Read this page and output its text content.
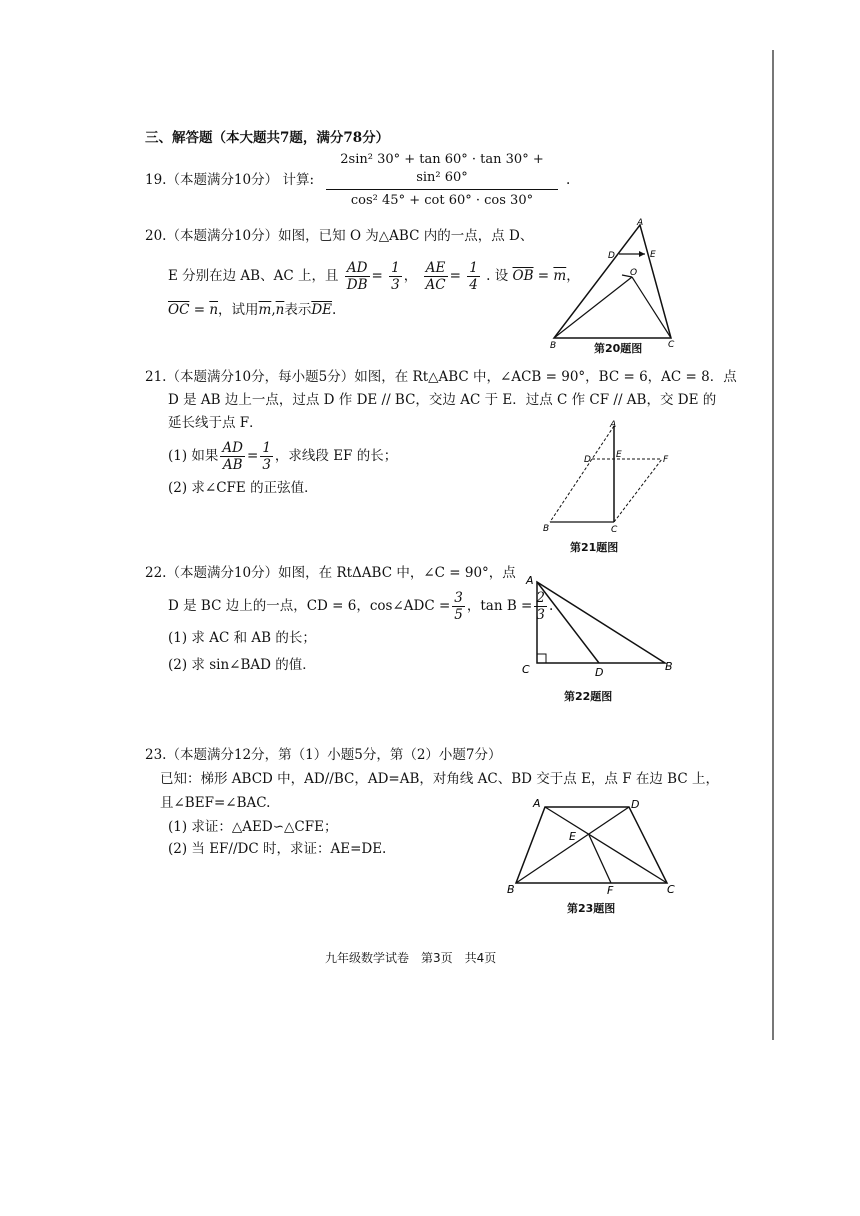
三、解答题（本大题共7题，满分78分）
19.（本题满分10分） 计算: $\frac{\text{2sin² 30° + tan 60° · tan 30° + sin² 60°}}{\text{cos² 45° + cot 60° · cos 30°}}$ .
20.（本题满分10分）如图，已知 O 为△ABC 内的一点，点 D、
E 分别在边 AB、AC 上，且 $\frac{AD}{DB} = \frac{1}{3}$ ， $\frac{AE}{AC} = \frac{1}{4}$ . 设 $\overline{OB} = \overline{m}$，
$\overline{OC} = \overline{n}$，试用$\overline{m},\overline{n}$表示$\overline{DE}$.
A
D	E
O
B	C
第20题图
21.（本题满分10分，每小题5分）如图，在 Rt△ABC 中，∠ACB = 90°，BC = 6，AC = 8．点
D 是 AB 边上一点，过点 D 作 DE // BC，交边 AC 于 E．过点 C 作 CF // AB，交 DE 的
延长线于点 F．
(1) 如果 $\frac{AD}{AB} = \frac{1}{3}$ ，求线段 EF 的长；
(2) 求∠CFE 的正弦值．
A
D	E	F
B	C
第21题图
22.（本题满分10分）如图，在 RtΔABC 中，∠C = 90°，点
D 是 BC 边上的一点，CD = 6，cos∠ADC = $\frac{3}{5}$ ，$\tan B = \frac{2}{3}$ .
(1) 求 AC 和 AB 的长；
(2) 求 sin∠BAD 的值．
A
C	D	B
第22题图
23.（本题满分12分，第（1）小题5分，第（2）小题7分）
已知：梯形 ABCD 中，AD//BC，AD=AB，对角线 AC、BD 交于点 E，点 F 在边 BC 上，
且∠BEF=∠BAC.
(1) 求证：△AED∽△CFE；
(2) 当 EF//DC 时，求证：AE=DE.
A	D
E
B	F	C
第23题图
九年级数学试卷　第3页　共4页
